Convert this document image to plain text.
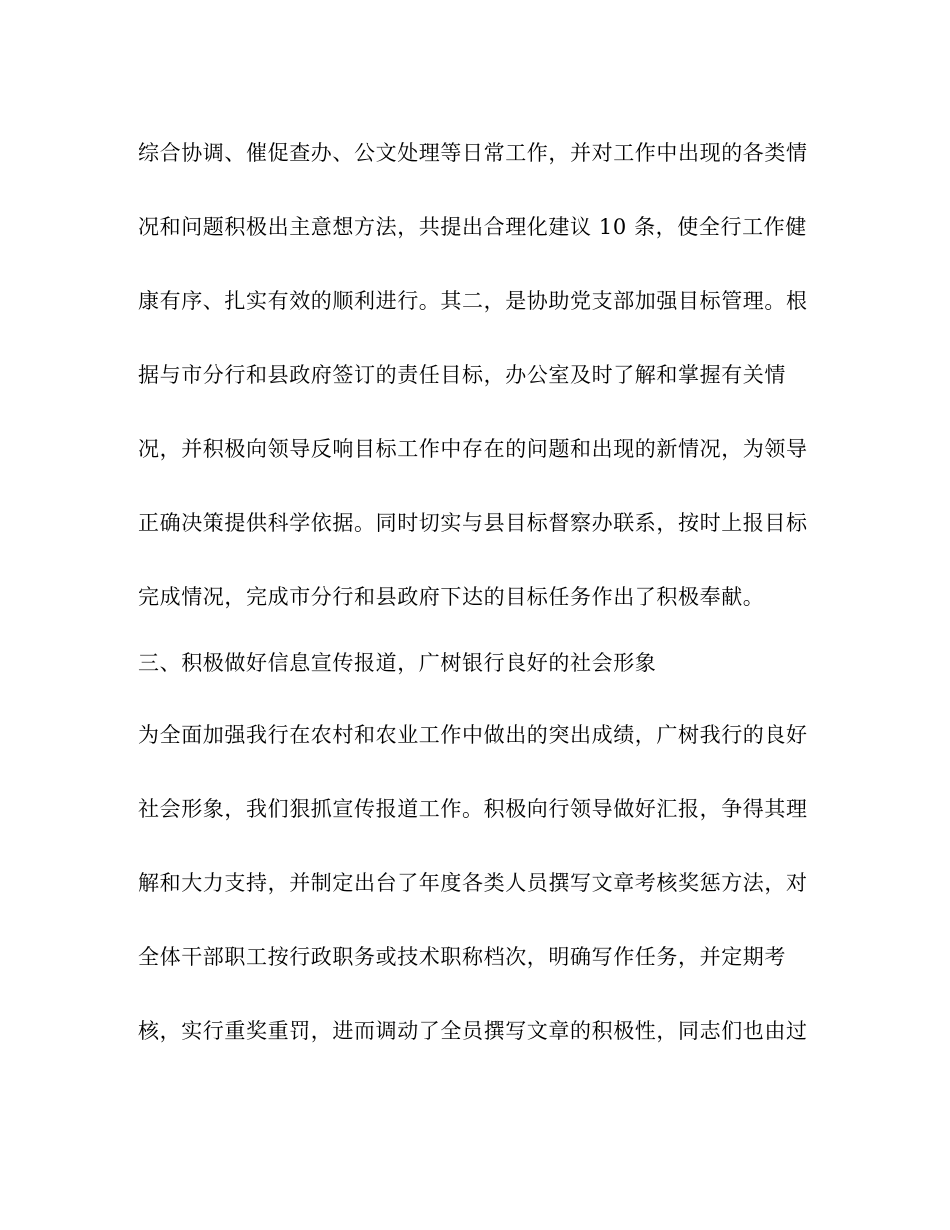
综合协调、催促查办、公文处理等日常工作，并对工作中出现的各类情
况和问题积极出主意想方法，共提出合理化建议 10 条，使全行工作健
康有序、扎实有效的顺利进行。其二，是协助党支部加强目标管理。根
据与市分行和县政府签订的责任目标，办公室及时了解和掌握有关情
况，并积极向领导反响目标工作中存在的问题和出现的新情况，为领导
正确决策提供科学依据。同时切实与县目标督察办联系，按时上报目标
完成情况，完成市分行和县政府下达的目标任务作出了积极奉献。
三、积极做好信息宣传报道，广树银行良好的社会形象
为全面加强我行在农村和农业工作中做出的突出成绩，广树我行的良好
社会形象，我们狠抓宣传报道工作。积极向行领导做好汇报，争得其理
解和大力支持，并制定出台了年度各类人员撰写文章考核奖惩方法，对
全体干部职工按行政职务或技术职称档次，明确写作任务，并定期考
核，实行重奖重罚，进而调动了全员撰写文章的积极性，同志们也由过
